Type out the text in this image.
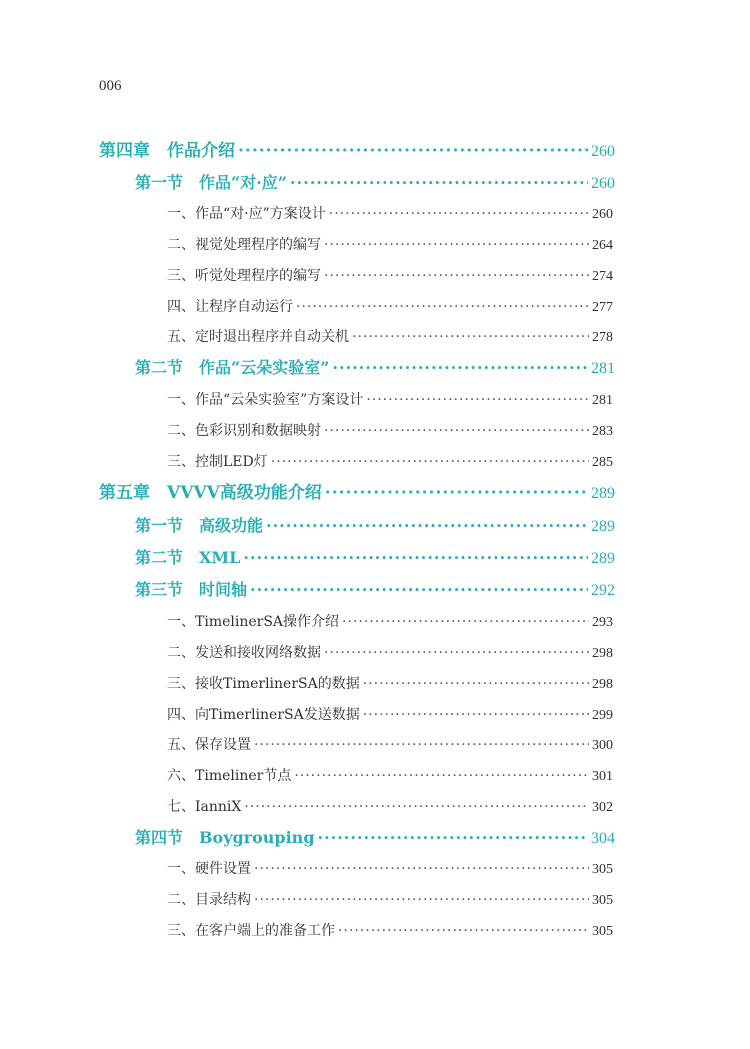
006
第四章　作品介绍 ·····	260
第一节　作品“对·应” ·····	260
一、作品“对·应”方案设计 ·····	260
二、视觉处理程序的编写 ·····	264
三、听觉处理程序的编写 ·····	274
四、让程序自动运行 ·····	277
五、定时退出程序并自动关机 ·····	278
第二节　作品“云朵实验室” ·····	281
一、作品“云朵实验室”方案设计 ·····	281
二、色彩识别和数据映射 ·····	283
三、控制LED灯 ·····	285
第五章　VVVV高级功能介绍 ·····	289
第一节　高级功能 ·····	289
第二节　XML ·····	289
第三节　时间轴 ·····	292
一、TimelinerSA操作介绍 ·····	293
二、发送和接收网络数据 ·····	298
三、接收TimerlinerSA的数据 ·····	298
四、向TimerlinerSA发送数据 ·····	299
五、保存设置 ·····	300
六、Timeliner节点 ·····	301
七、IanniX ·····	302
第四节　Boygrouping ·····	304
一、硬件设置 ·····	305
二、目录结构 ·····	305
三、在客户端上的准备工作 ·····	305
